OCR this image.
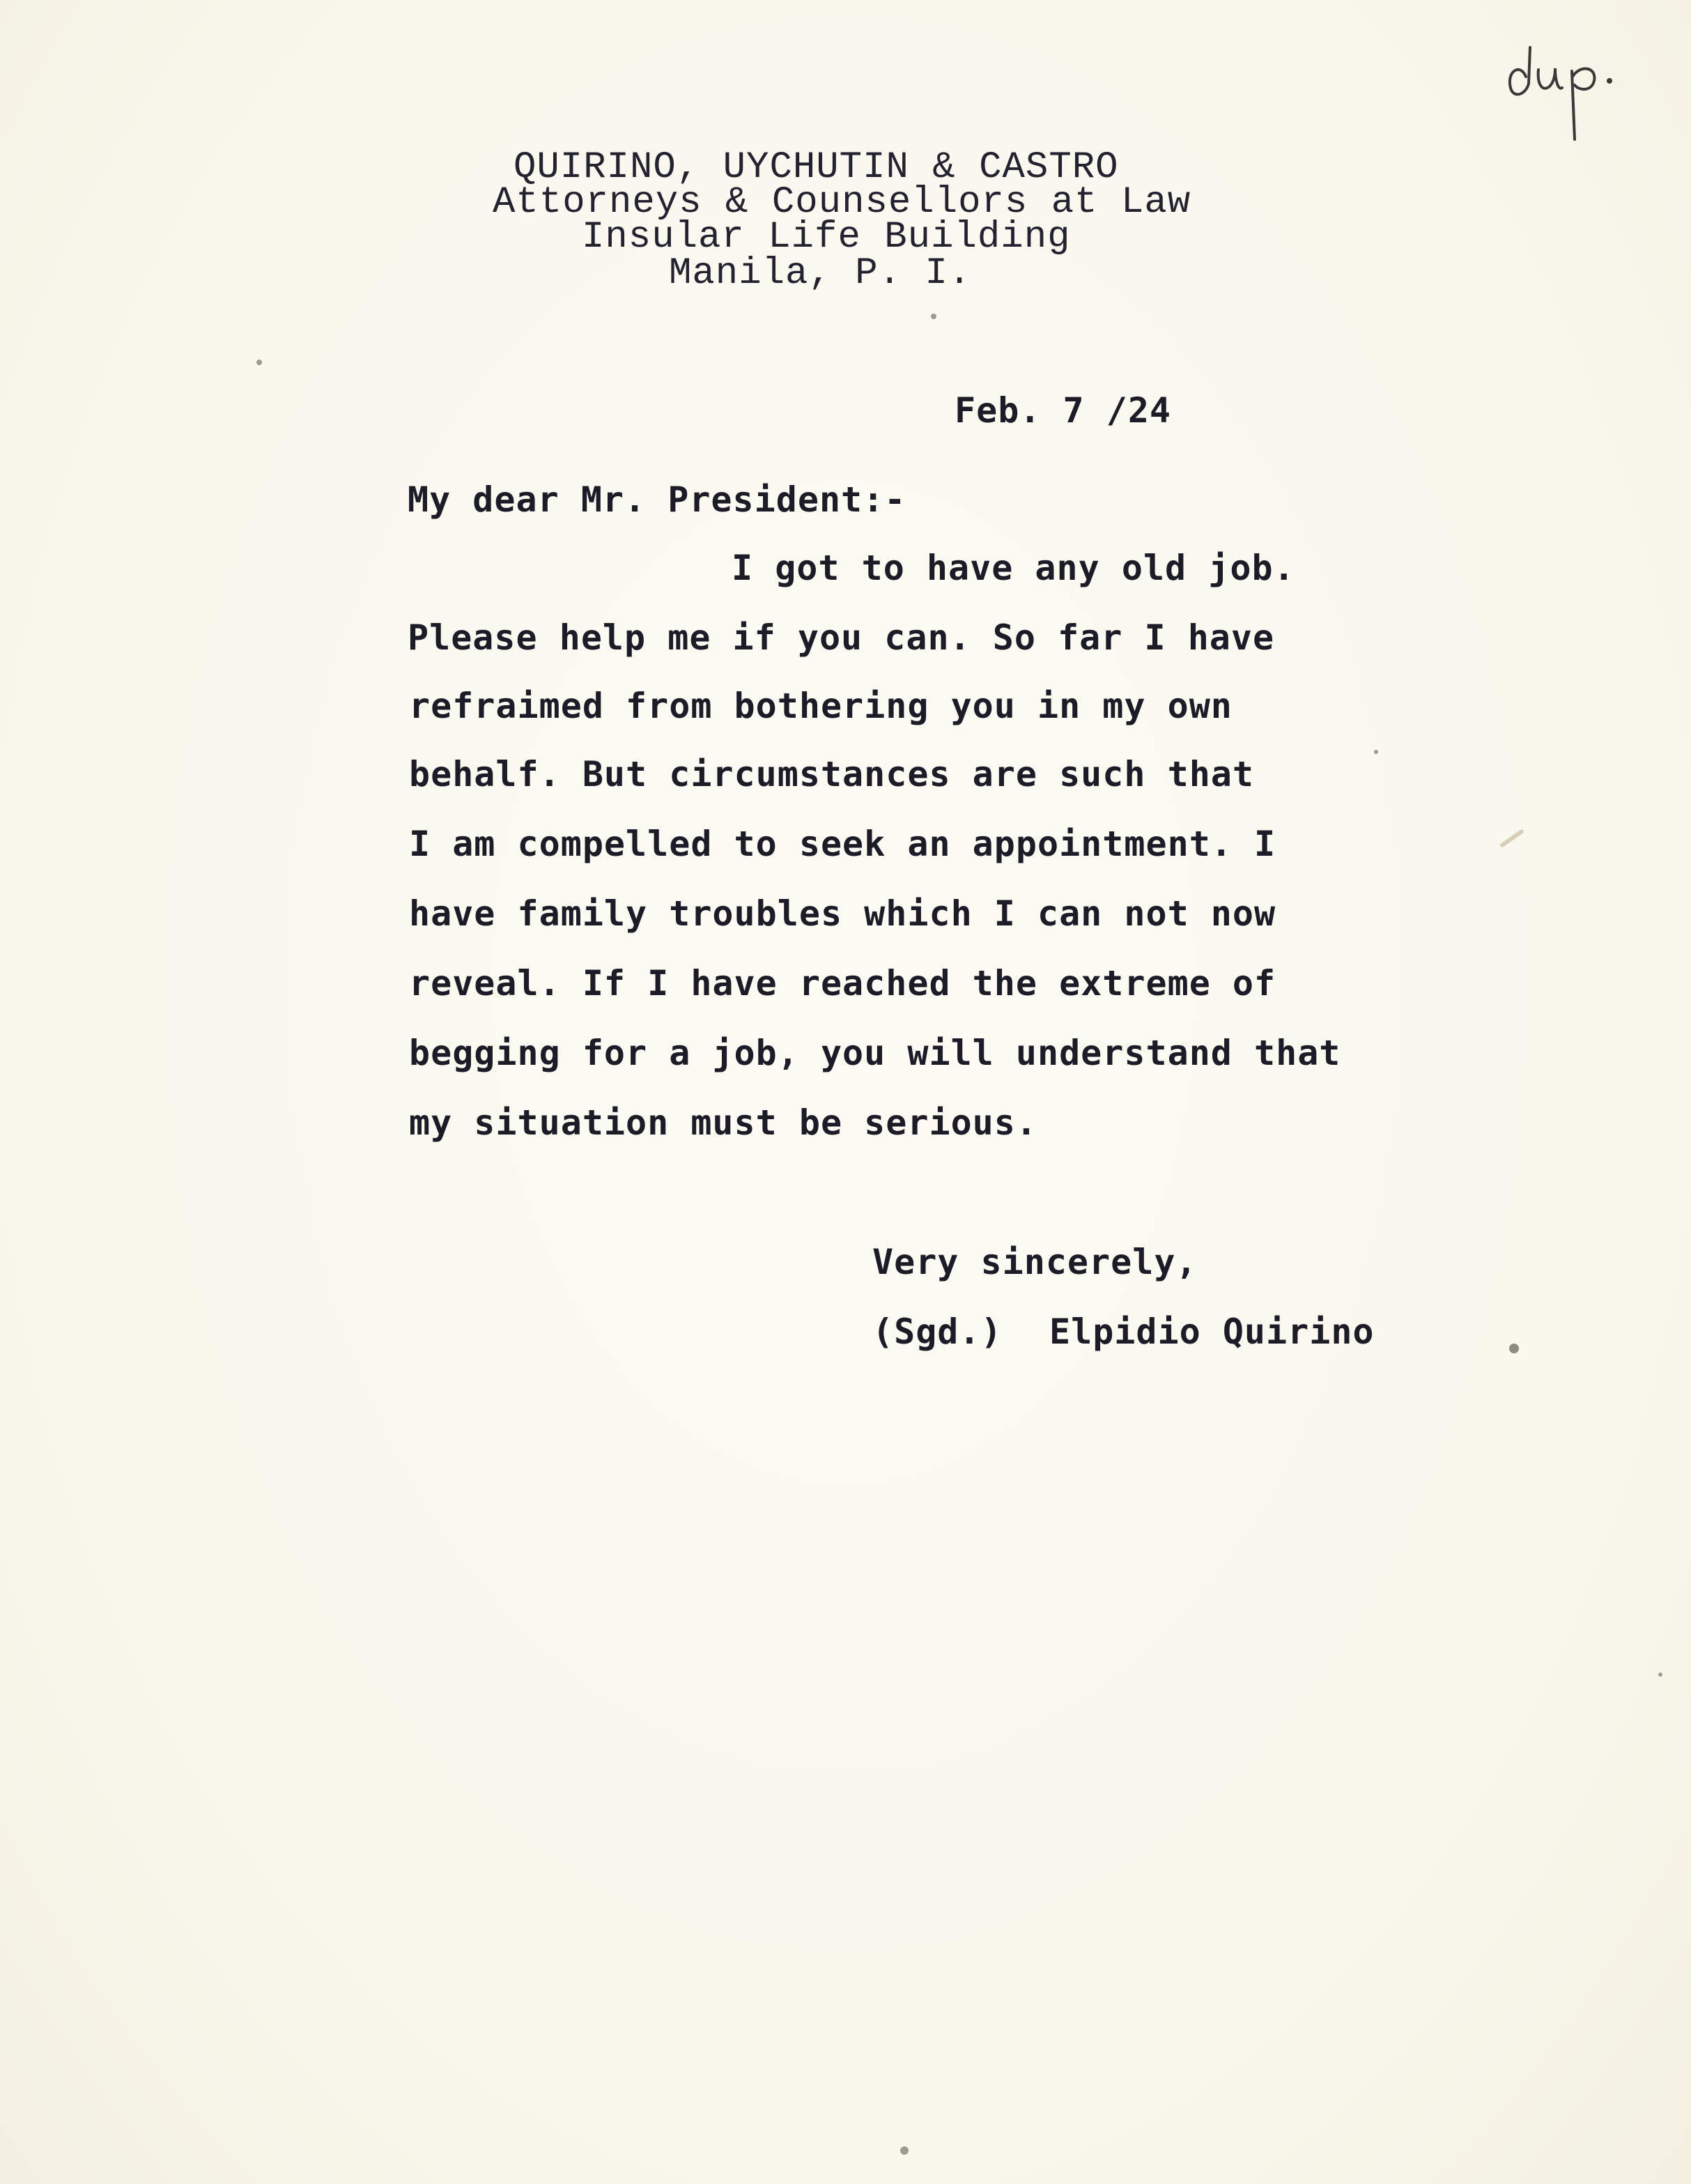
QUIRINO, UYCHUTIN & CASTRO
Attorneys & Counsellors at Law
Insular Life Building
Manila, P. I.
Feb. 7 /24
My dear Mr. President:-
I got to have any old job.
Please help me if you can. So far I have
refraimed from bothering you in my own
behalf. But circumstances are such that
I am compelled to seek an appointment. I
have family troubles which I can not now
reveal. If I have reached the extreme of
begging for a job, you will understand that
my situation must be serious.
Very sincerely,
(Sgd.) Elpidio Quirino
